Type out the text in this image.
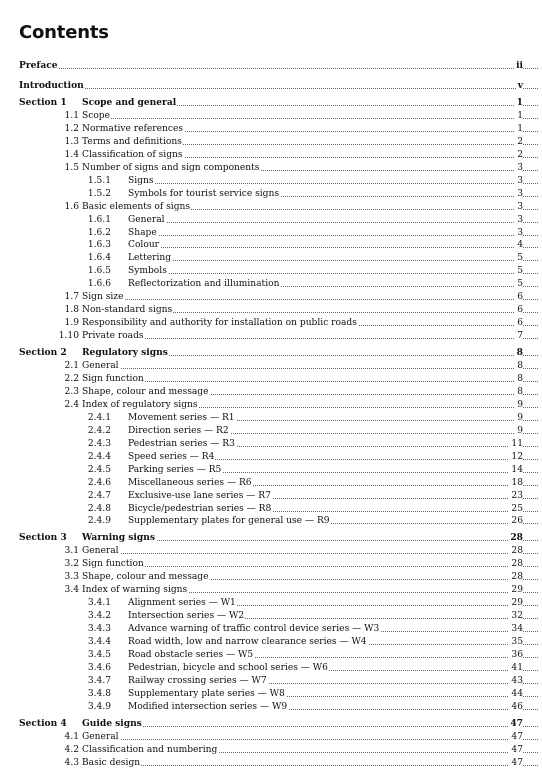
Contents
Preface	ii
Introduction	v
Section 1 Scope and general	1
1.1 Scope	1
1.2 Normative references	1
1.3 Terms and definitions	2
1.4 Classification of signs	2
1.5 Number of signs and sign components	3
1.5.1 Signs	3
1.5.2 Symbols for tourist service signs	3
1.6 Basic elements of signs	3
1.6.1 General	3
1.6.2 Shape	3
1.6.3 Colour	4
1.6.4 Lettering	5
1.6.5 Symbols	5
1.6.6 Reflectorization and illumination	5
1.7 Sign size	6
1.8 Non-standard signs	6
1.9 Responsibility and authority for installation on public roads	6
1.10 Private roads	7
Section 2 Regulatory signs	8
2.1 General	8
2.2 Sign function	8
2.3 Shape, colour and message	8
2.4 Index of regulatory signs	9
2.4.1 Movement series — R1	9
2.4.2 Direction series — R2	9
2.4.3 Pedestrian series — R3	11
2.4.4 Speed series — R4	12
2.4.5 Parking series — R5	14
2.4.6 Miscellaneous series — R6	18
2.4.7 Exclusive-use lane series — R7	23
2.4.8 Bicycle/pedestrian series — R8	25
2.4.9 Supplementary plates for general use — R9	26
Section 3 Warning signs	28
3.1 General	28
3.2 Sign function	28
3.3 Shape, colour and message	28
3.4 Index of warning signs	29
3.4.1 Alignment series — W1	29
3.4.2 Intersection series — W2	32
3.4.3 Advance warning of traffic control device series — W3	34
3.4.4 Road width, low and narrow clearance series — W4	35
3.4.5 Road obstacle series — W5	36
3.4.6 Pedestrian, bicycle and school series — W6	41
3.4.7 Railway crossing series — W7	43
3.4.8 Supplementary plate series — W8	44
3.4.9 Modified intersection series — W9	46
Section 4 Guide signs	47
4.1 General	47
4.2 Classification and numbering	47
4.3 Basic design	47
